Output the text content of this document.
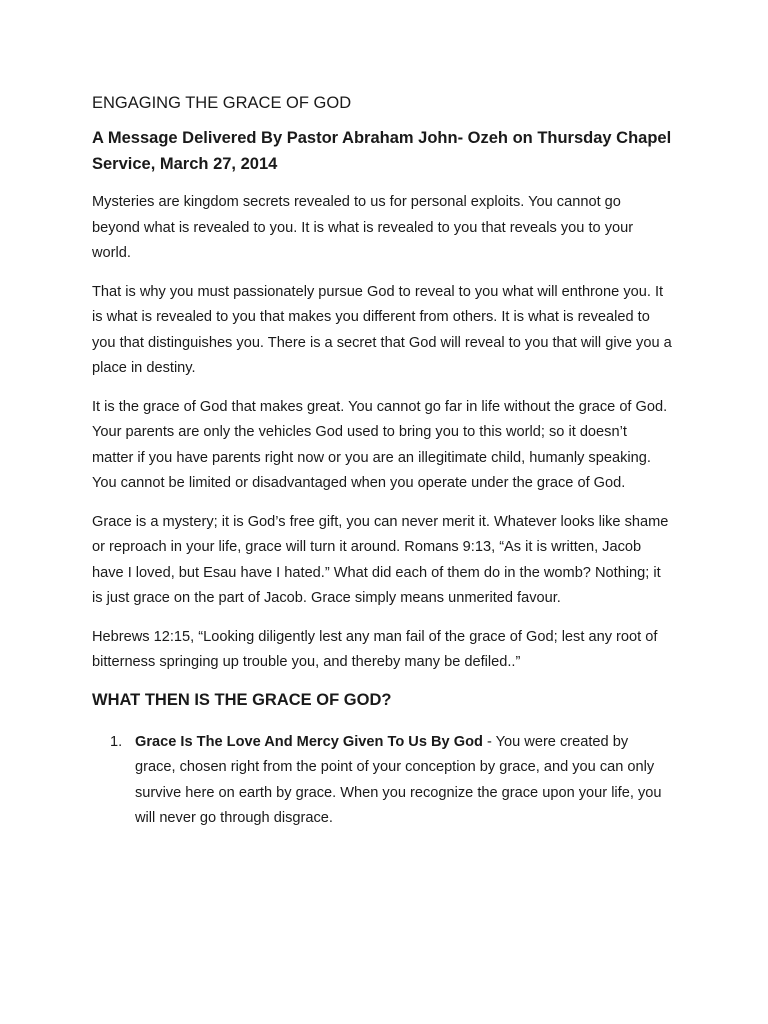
ENGAGING THE GRACE OF GOD
A Message Delivered By Pastor Abraham John- Ozeh on Thursday Chapel Service, March 27, 2014

Mysteries are kingdom secrets revealed to us for personal exploits. You cannot go beyond what is revealed to you. It is what is revealed to you that reveals you to your world.

That is why you must passionately pursue God to reveal to you what will enthrone you. It is what is revealed to you that makes you different from others. It is what is revealed to you that distinguishes you. There is a secret that God will reveal to you that will give you a place in destiny.

It is the grace of God that makes great. You cannot go far in life without the grace of God. Your parents are only the vehicles God used to bring you to this world; so it doesn’t matter if you have parents right now or you are an illegitimate child, humanly speaking. You cannot be limited or disadvantaged when you operate under the grace of God.

Grace is a mystery; it is God’s free gift, you can never merit it. Whatever looks like shame or reproach in your life, grace will turn it around. Romans 9:13, “As it is written, Jacob have I loved, but Esau have I hated.” What did each of them do in the womb? Nothing; it is just grace on the part of Jacob. Grace simply means unmerited favour.

Hebrews 12:15, “Looking diligently lest any man fail of the grace of God; lest any root of bitterness springing up trouble you, and thereby many be defiled..”

WHAT THEN IS THE GRACE OF GOD?
1. Grace Is The Love And Mercy Given To Us By God - You were created by grace, chosen right from the point of your conception by grace, and you can only survive here on earth by grace. When you recognize the grace upon your life, you will never go through disgrace.
